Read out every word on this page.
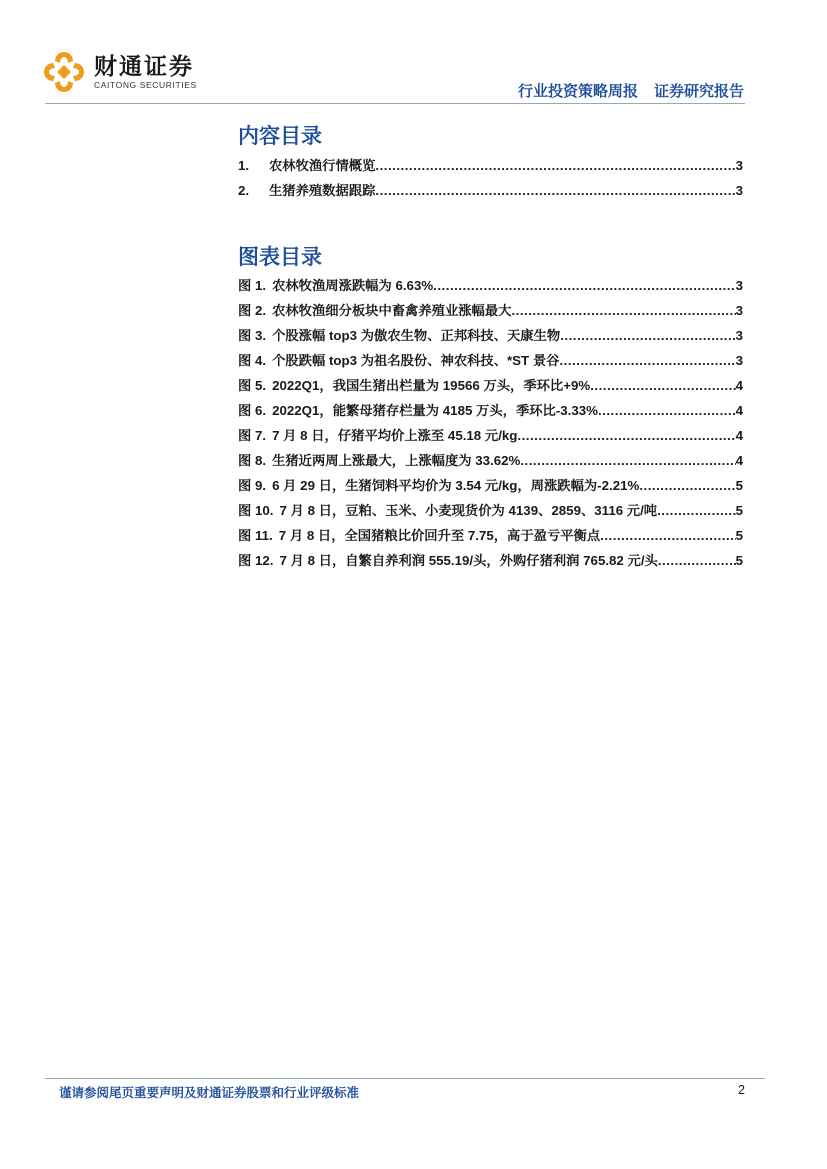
财通证券
CAITONG SECURITIES	行业投资策略周报 证券研究报告
内容目录
1.	农林牧渔行情概览 .....	3
2.	生猪养殖数据跟踪 .....	3
图表目录
图 1. 农林牧渔周涨跌幅为 6.63% .....	3
图 2. 农林牧渔细分板块中畜禽养殖业涨幅最大 .....	3
图 3. 个股涨幅 top3 为傲农生物、正邦科技、天康生物 .....	3
图 4. 个股跌幅 top3 为祖名股份、神农科技、*ST 景谷 .....	3
图 5. 2022Q1，我国生猪出栏量为 19566 万头，季环比+9% .....	4
图 6. 2022Q1，能繁母猪存栏量为 4185 万头，季环比-3.33% .....	4
图 7. 7 月 8 日，仔猪平均价上涨至 45.18 元/kg .....	4
图 8. 生猪近两周上涨最大，上涨幅度为 33.62% .....	4
图 9. 6 月 29 日，生猪饲料平均价为 3.54 元/kg，周涨跌幅为-2.21% .....	5
图 10. 7 月 8 日，豆粕、玉米、小麦现货价为 4139、2859、3116 元/吨 .....	5
图 11. 7 月 8 日，全国猪粮比价回升至 7.75，高于盈亏平衡点 .....	5
图 12. 7 月 8 日，自繁自养利润 555.19/头，外购仔猪利润 765.82 元/头 .....	5
谨请参阅尾页重要声明及财通证券股票和行业评级标准	2
